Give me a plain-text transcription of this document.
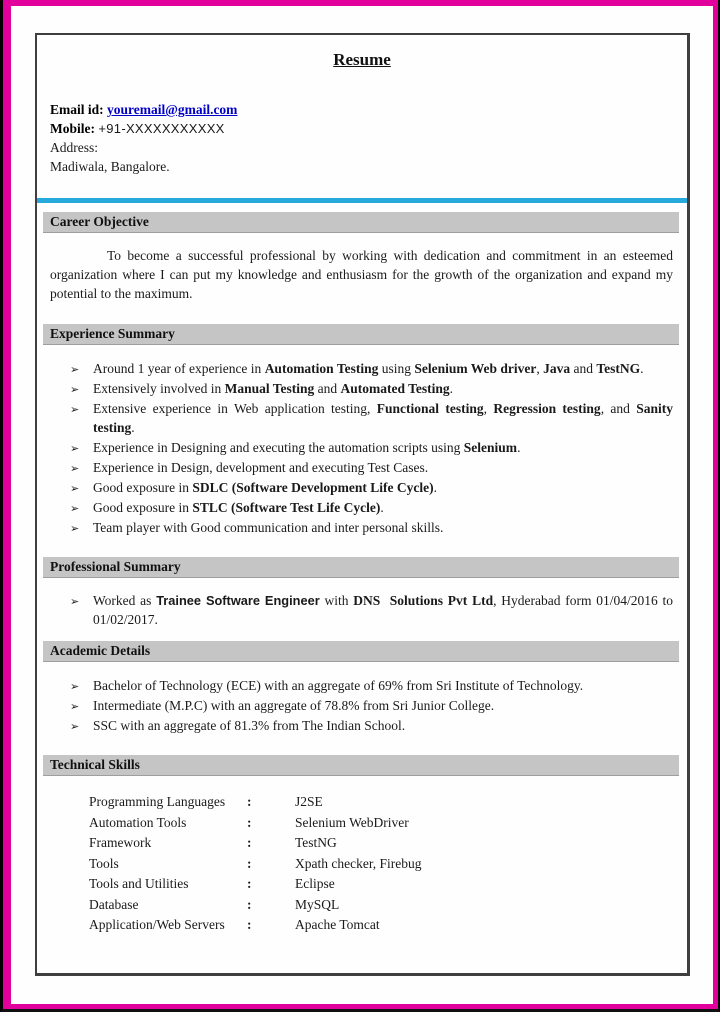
Resume
Email id: youremail@gmail.com
Mobile: +91-XXXXXXXXXXX
Address:
Madiwala, Bangalore.
Career Objective

To become a successful professional by working with dedication and commitment in an esteemed organization where I can put my knowledge and enthusiasm for the growth of the organization and expand my potential to the maximum.

Experience Summary
➢ Around 1 year of experience in Automation Testing using Selenium Web driver, Java and TestNG.
➢ Extensively involved in Manual Testing and Automated Testing.
➢ Extensive experience in Web application testing, Functional testing, Regression testing, and Sanity testing.
➢ Experience in Designing and executing the automation scripts using Selenium.
➢ Experience in Design, development and executing Test Cases.
➢ Good exposure in SDLC (Software Development Life Cycle).
➢ Good exposure in STLC (Software Test Life Cycle).
➢ Team player with Good communication and inter personal skills.
Professional Summary
➢ Worked as Trainee Software Engineer with DNS  Solutions Pvt Ltd, Hyderabad form 01/04/2016 to 01/02/2017.
Academic Details
➢ Bachelor of Technology (ECE) with an aggregate of 69% from Sri Institute of Technology.
➢ Intermediate (M.P.C) with an aggregate of 78.8% from Sri Junior College.
➢ SSC with an aggregate of 81.3% from The Indian School.
Technical Skills
Programming Languages	:	J2SE
Automation Tools	:	Selenium WebDriver
Framework	:	TestNG
Tools	:	Xpath checker, Firebug
Tools and Utilities	:	Eclipse
Database	:	MySQL
Application/Web Servers	:	Apache Tomcat
